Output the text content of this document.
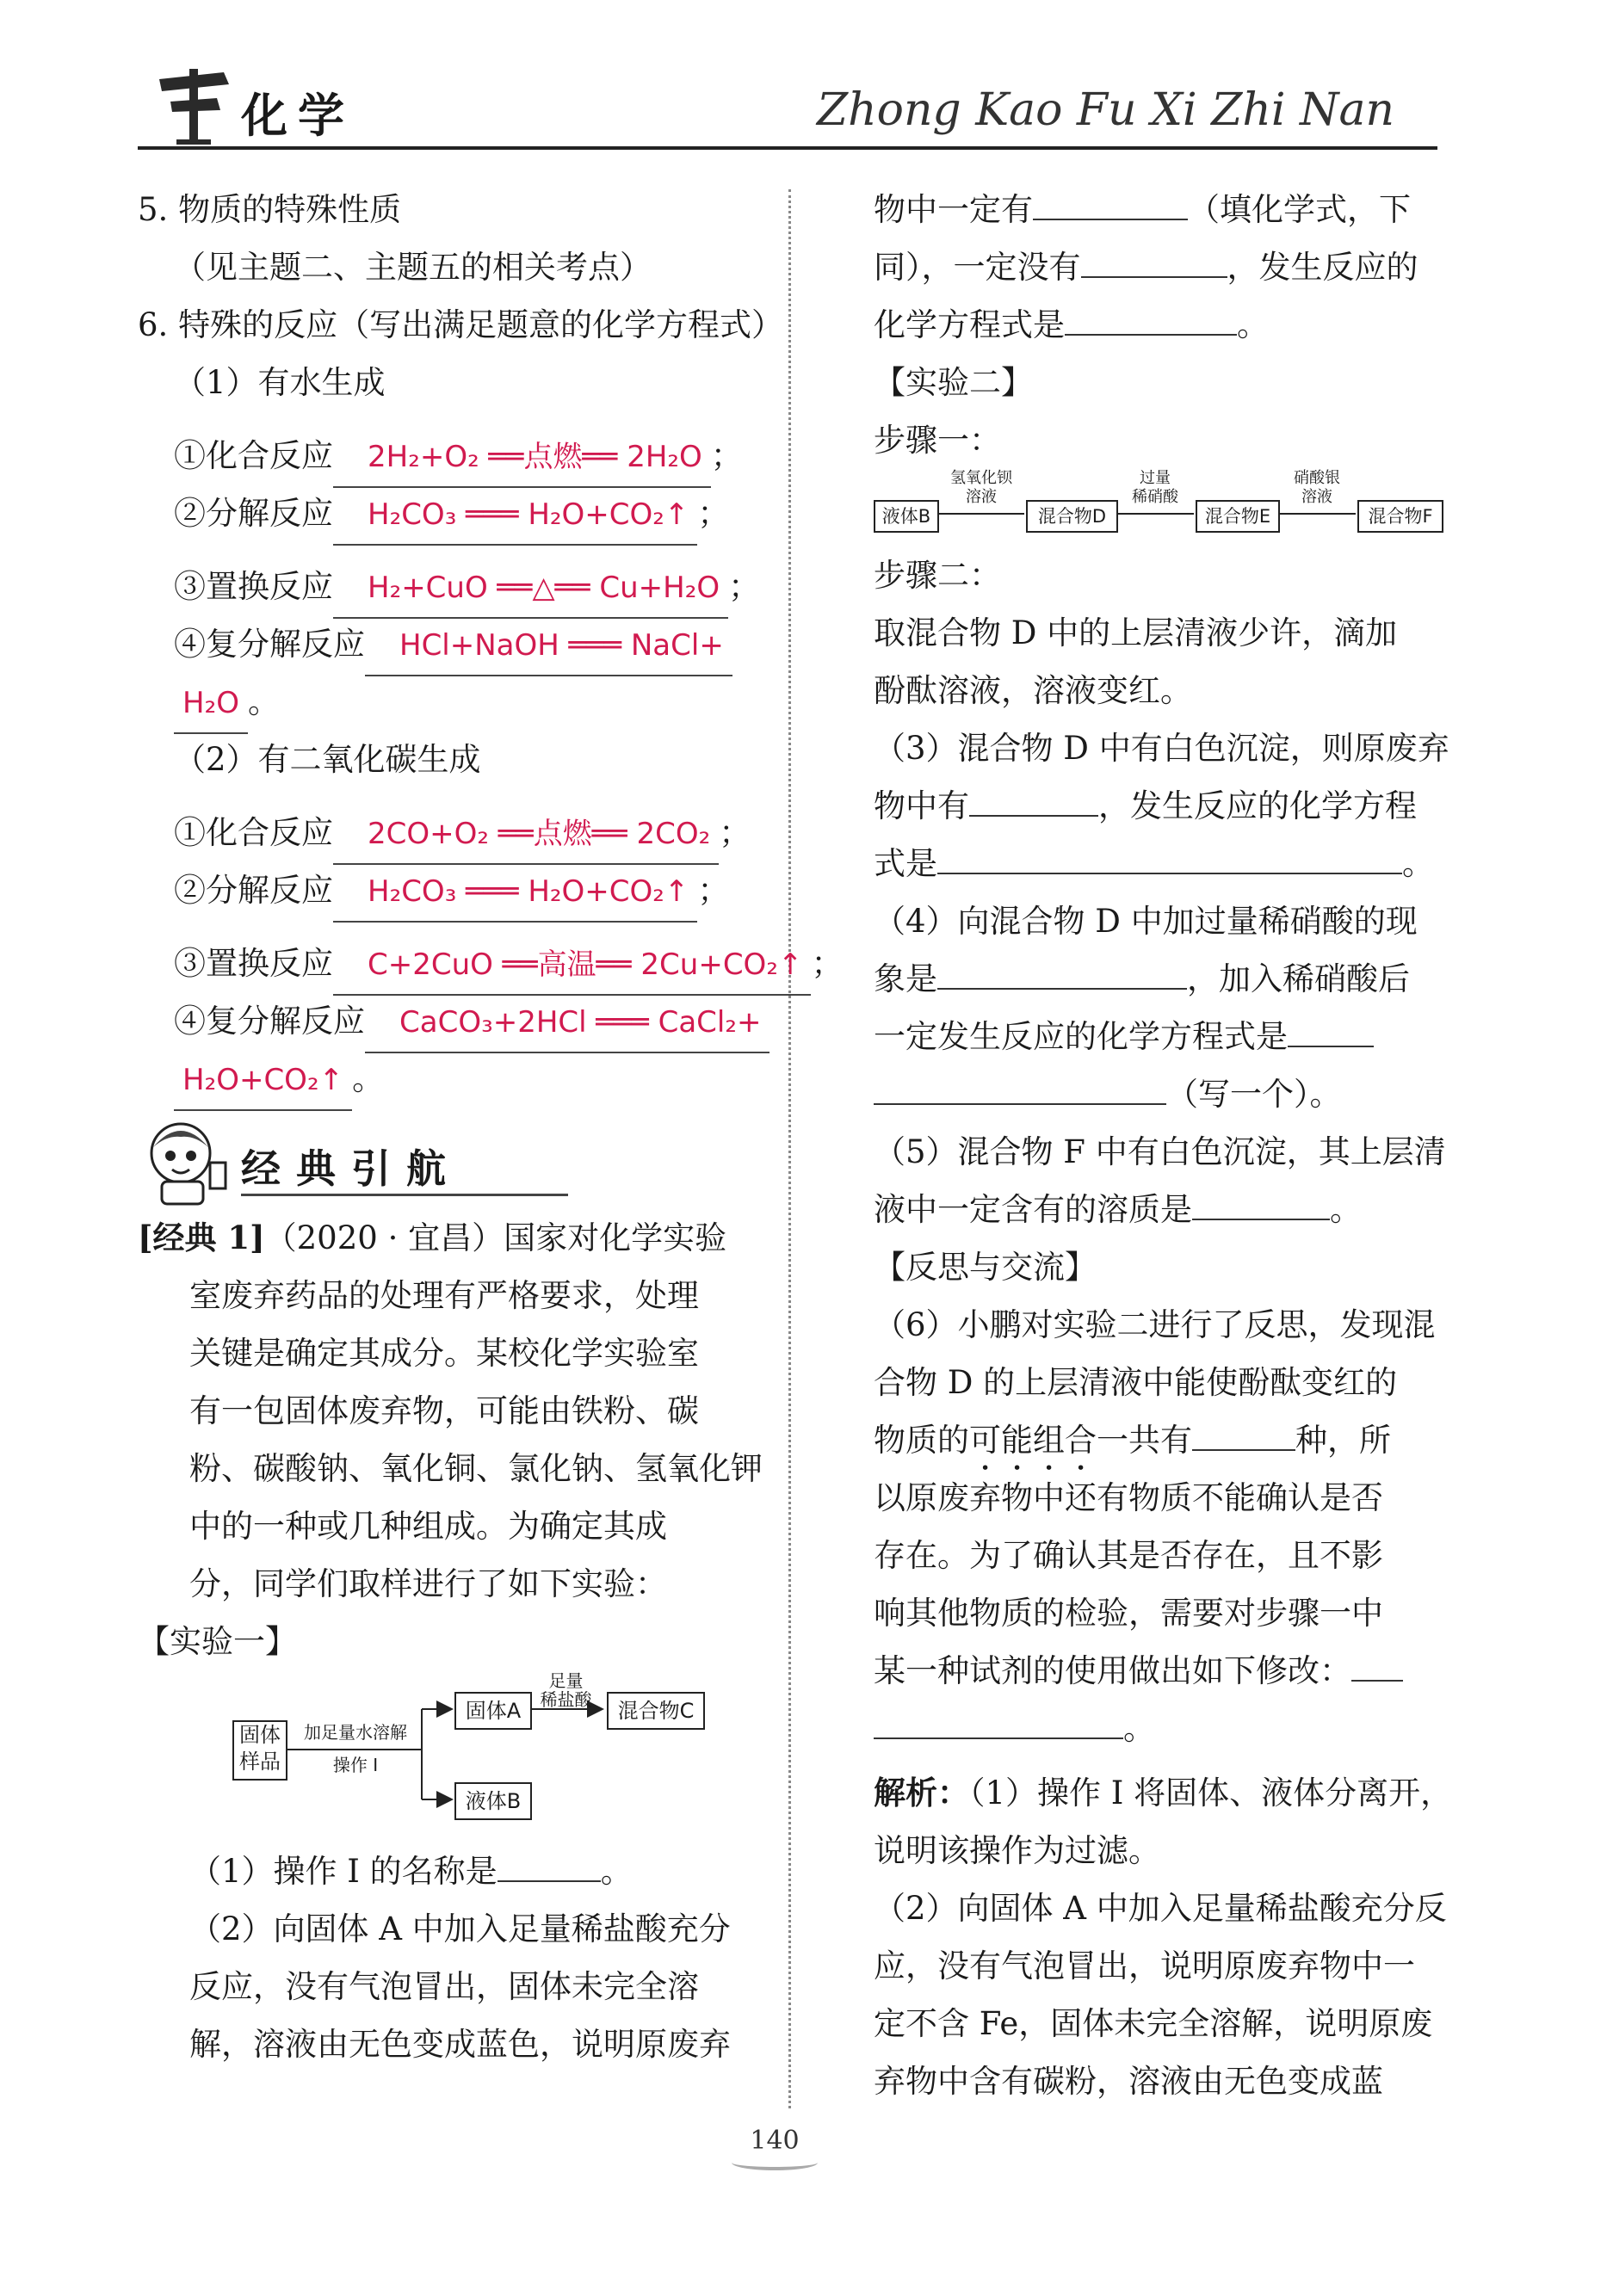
化学	Zhong Kao Fu Xi Zhi Nan
5. 物质的特殊性质
（见主题二、主题五的相关考点）
6. 特殊的反应（写出满足题意的化学方程式）
（1）有水生成
①化合反应 2H₂+O₂ ══点燃══ 2H₂O ；
②分解反应 H₂CO₃ ═══ H₂O+CO₂↑ ；
③置换反应 H₂+CuO ══△══ Cu+H₂O ；
④复分解反应 HCl+NaOH ═══ NaCl+
H₂O 。
（2）有二氧化碳生成
①化合反应 2CO+O₂ ══点燃══ 2CO₂ ；
②分解反应 H₂CO₃ ═══ H₂O+CO₂↑ ；
③置换反应 C+2CuO ══高温══ 2Cu+CO₂↑ ；
④复分解反应 CaCO₃+2HCl ═══ CaCl₂+
H₂O+CO₂↑ 。
经典引航
[经典 1]（2020 · 宜昌）国家对化学实验
室废弃药品的处理有严格要求，处理
关键是确定其成分。某校化学实验室
有一包固体废弃物，可能由铁粉、碳
粉、碳酸钠、氧化铜、氯化钠、氢氧化钾
中的一种或几种组成。为确定其成
分，同学们取样进行了如下实验：
【实验一】
固体样品
加足量水溶解
操作 I
固体A
足量
稀盐酸	混合物C
液体B
（1）操作 I 的名称是	。
（2）向固体 A 中加入足量稀盐酸充分
反应，没有气泡冒出，固体未完全溶
解，溶液由无色变成蓝色，说明原废弃
物中一定有	（填化学式，下
同），一定没有	，发生反应的
化学方程式是	。
【实验二】
步骤一：
液体B
氢氧化钡
溶液
混合物D
过量
稀硝酸
混合物E
硝酸银
溶液
混合物F
步骤二：
取混合物 D 中的上层清液少许，滴加
酚酞溶液，溶液变红。
（3）混合物 D 中有白色沉淀，则原废弃
物中有	，发生反应的化学方程
式是	。
（4）向混合物 D 中加过量稀硝酸的现
象是	，加入稀硝酸后
一定发生反应的化学方程式是
（写一个）。
（5）混合物 F 中有白色沉淀，其上层清
液中一定含有的溶质是	。
【反思与交流】
（6）小鹏对实验二进行了反思，发现混
合物 D 的上层清液中能使酚酞变红的
物质的可能组合一共有	种，所
以原废弃物中还有物质不能确认是否
存在。为了确认其是否存在，且不影
响其他物质的检验，需要对步骤一中
某一种试剂的使用做出如下修改：
。
解析：（1）操作 I 将固体、液体分离开，
说明该操作为过滤。
（2）向固体 A 中加入足量稀盐酸充分反
应，没有气泡冒出，说明原废弃物中一
定不含 Fe，固体未完全溶解，说明原废
弃物中含有碳粉，溶液由无色变成蓝
140
